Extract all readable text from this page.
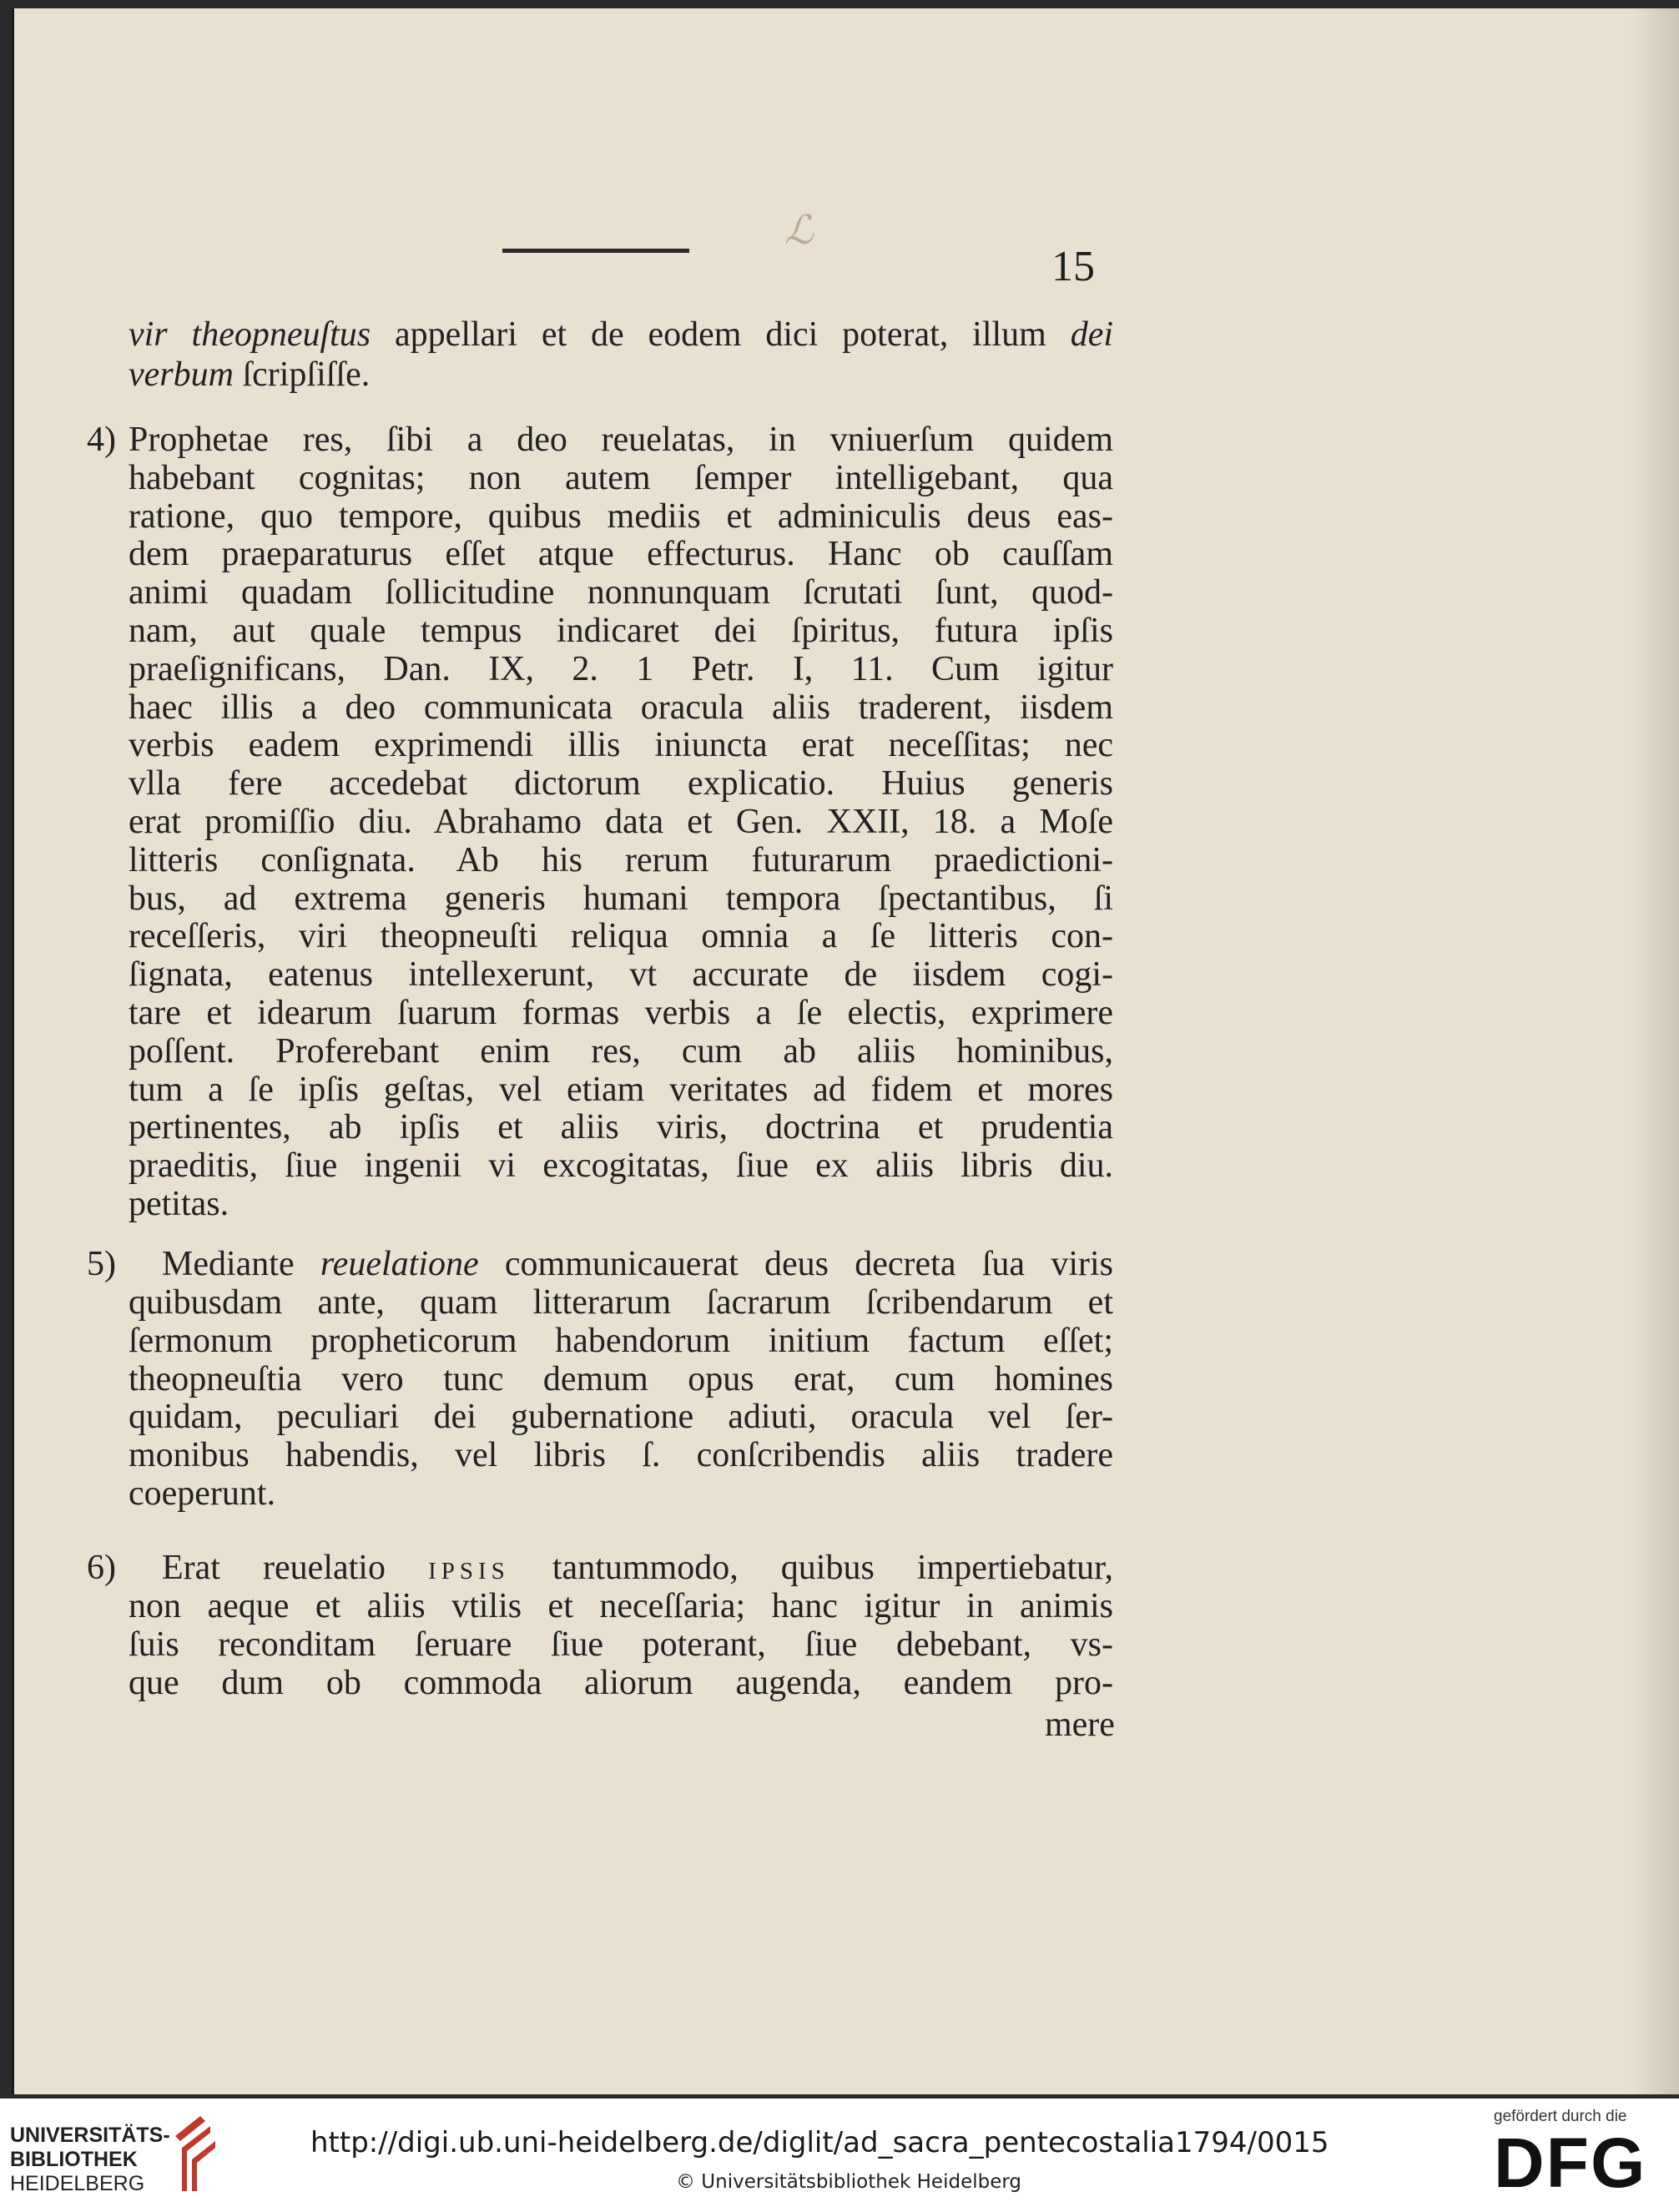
ℒ
15
vir theopneuſtus appellari et de eodem dici poterat, illum dei
verbum ſcripſiſſe.
4) Prophetae res, ſibi a deo reuelatas, in vniuerſum quidem
habebant cognitas; non autem ſemper intelligebant, qua
ratione, quo tempore, quibus mediis et adminiculis deus eas-
dem praeparaturus eſſet atque effecturus. Hanc ob cauſſam
animi quadam ſollicitudine nonnunquam ſcrutati ſunt, quod-
nam, aut quale tempus indicaret dei ſpiritus, futura ipſis
praeſignificans, Dan. IX, 2. 1 Petr. I, 11. Cum igitur
haec illis a deo communicata oracula aliis traderent, iisdem
verbis eadem exprimendi illis iniuncta erat neceſſitas; nec
vlla fere accedebat dictorum explicatio. Huius generis
erat promiſſio diu. Abrahamo data et Gen. XXII, 18. a Moſe
litteris conſignata. Ab his rerum futurarum praedictioni-
bus, ad extrema generis humani tempora ſpectantibus, ſi
receſſeris, viri theopneuſti reliqua omnia a ſe litteris con-
ſignata, eatenus intellexerunt, vt accurate de iisdem cogi-
tare et idearum ſuarum formas verbis a ſe electis, exprimere
poſſent. Proferebant enim res, cum ab aliis hominibus,
tum a ſe ipſis geſtas, vel etiam veritates ad fidem et mores
pertinentes, ab ipſis et aliis viris, doctrina et prudentia
praeditis, ſiue ingenii vi excogitatas, ſiue ex aliis libris diu.
petitas.
5) Mediante reuelatione communicauerat deus decreta ſua viris
quibusdam ante, quam litterarum ſacrarum ſcribendarum et
ſermonum propheticorum habendorum initium factum eſſet;
theopneuſtia vero tunc demum opus erat, cum homines
quidam, peculiari dei gubernatione adiuti, oracula vel ſer-
monibus habendis, vel libris ſ. conſcribendis aliis tradere
coeperunt.
6) Erat reuelatio ipsis tantummodo, quibus impertiebatur,
non aeque et aliis vtilis et neceſſaria; hanc igitur in animis
ſuis reconditam ſeruare ſiue poterant, ſiue debebant, vs-
que dum ob commoda aliorum augenda, eandem pro-
mere
UNIVERSITÄTS-
BIBLIOTHEK
HEIDELBERG
http://digi.ub.uni-heidelberg.de/diglit/ad_sacra_pentecostalia1794/0015
© Universitätsbibliothek Heidelberg
gefördert durch die
DFG
